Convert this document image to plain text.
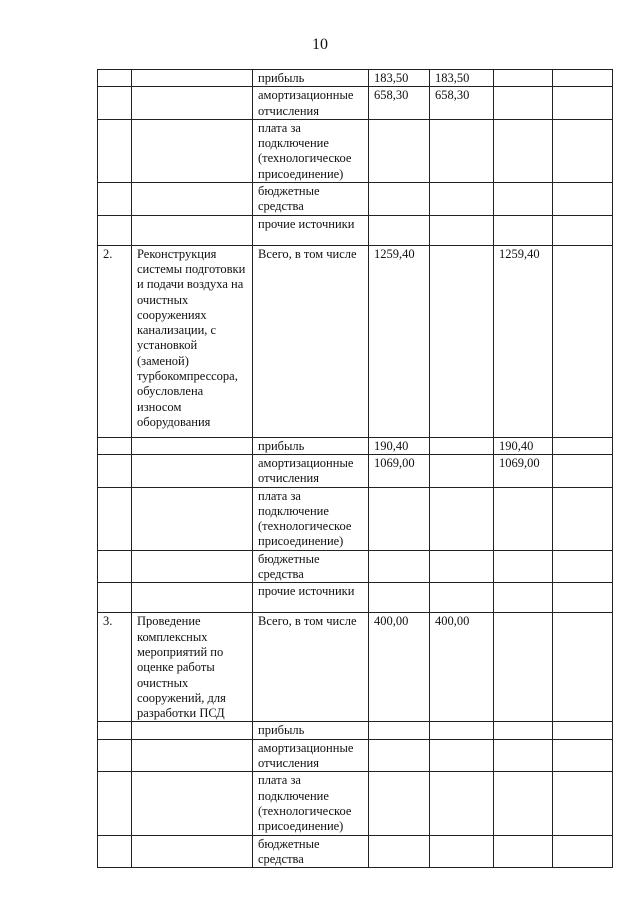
10
		прибыль	183,50	183,50		
		амортизационные отчисления	658,30	658,30		
		плата за подключение (технологическое присоединение)				
		бюджетные средства				
		прочие источники				
2.	Реконструкция системы подготовки и подачи воздуха на очистных сооружениях канализации, с установкой (заменой) турбокомпрессора, обусловлена износом оборудования	Всего, в том числе	1259,40		1259,40	
		прибыль	190,40		190,40	
		амортизационные отчисления	1069,00		1069,00	
		плата за подключение (технологическое присоединение)				
		бюджетные средства				
		прочие источники				
3.	Проведение комплексных мероприятий по оценке работы очистных сооружений, для разработки ПСД	Всего, в том числе	400,00	400,00		
		прибыль				
		амортизационные отчисления				
		плата за подключение (технологическое присоединение)				
		бюджетные средства				
